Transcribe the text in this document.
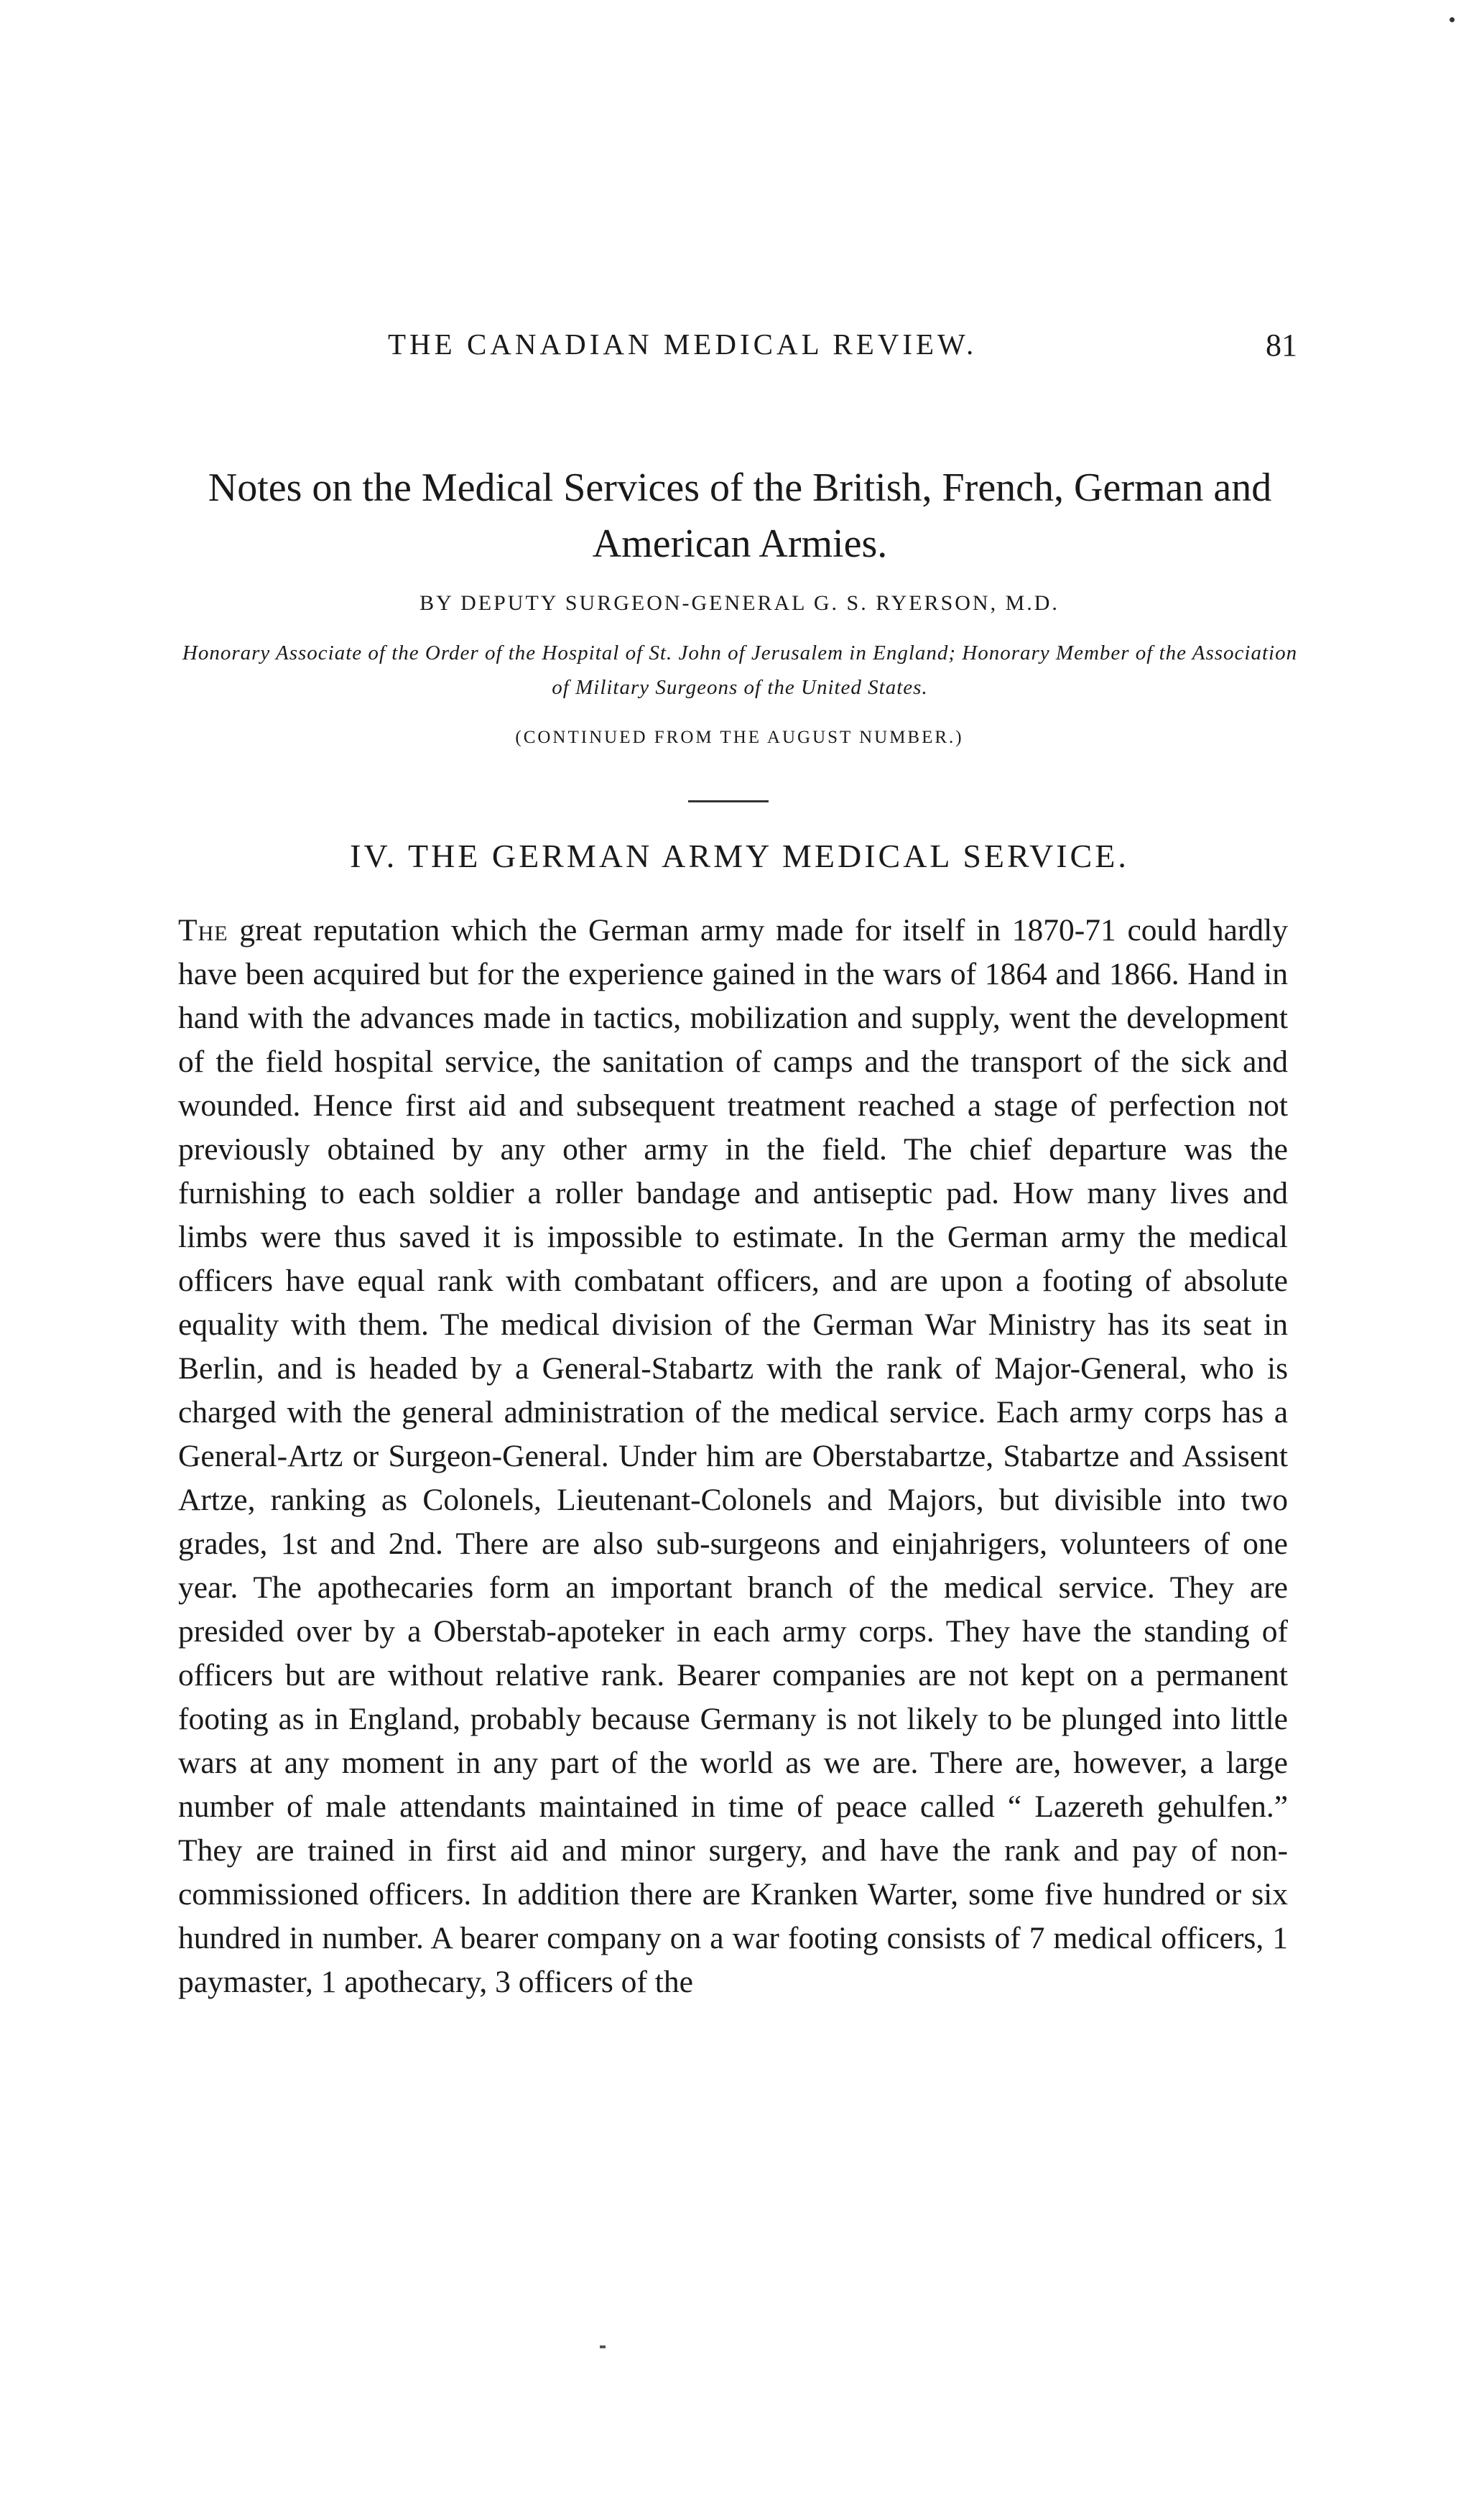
THE CANADIAN MEDICAL REVIEW.	81
Notes on the Medical Services of the British, French, German and American Armies.
BY DEPUTY SURGEON-GENERAL G. S. RYERSON, M.D.
Honorary Associate of the Order of the Hospital of St. John of Jerusalem in England; Honorary Member of the Association of Military Surgeons of the United States.
(CONTINUED FROM THE AUGUST NUMBER.)
IV. THE GERMAN ARMY MEDICAL SERVICE.
The great reputation which the German army made for itself in 1870-71 could hardly have been acquired but for the experience gained in the wars of 1864 and 1866. Hand in hand with the advances made in tactics, mobilization and supply, went the development of the field hospital service, the sanitation of camps and the transport of the sick and wounded. Hence first aid and subsequent treatment reached a stage of perfection not previously obtained by any other army in the field. The chief departure was the furnishing to each soldier a roller bandage and antiseptic pad. How many lives and limbs were thus saved it is impossible to estimate. In the German army the medical officers have equal rank with combatant officers, and are upon a footing of absolute equality with them. The medical division of the German War Ministry has its seat in Berlin, and is headed by a General-Stabartz with the rank of Major-General, who is charged with the general administration of the medical service. Each army corps has a General-Artz or Surgeon-General. Under him are Oberstabartze, Stabartze and Assisent Artze, ranking as Colonels, Lieutenant-Colonels and Majors, but divisible into two grades, 1st and 2nd. There are also sub-surgeons and einjahrigers, volunteers of one year. The apothecaries form an important branch of the medical service. They are presided over by a Oberstab-apoteker in each army corps. They have the standing of officers but are without relative rank. Bearer companies are not kept on a permanent footing as in England, probably because Germany is not likely to be plunged into little wars at any moment in any part of the world as we are. There are, however, a large number of male attendants maintained in time of peace called “ Lazereth gehulfen.” They are trained in first aid and minor surgery, and have the rank and pay of non-commissioned officers. In addition there are Kranken Warter, some five hundred or six hundred in number. A bearer company on a war footing consists of 7 medical officers, 1 paymaster, 1 apothecary, 3 officers of the
